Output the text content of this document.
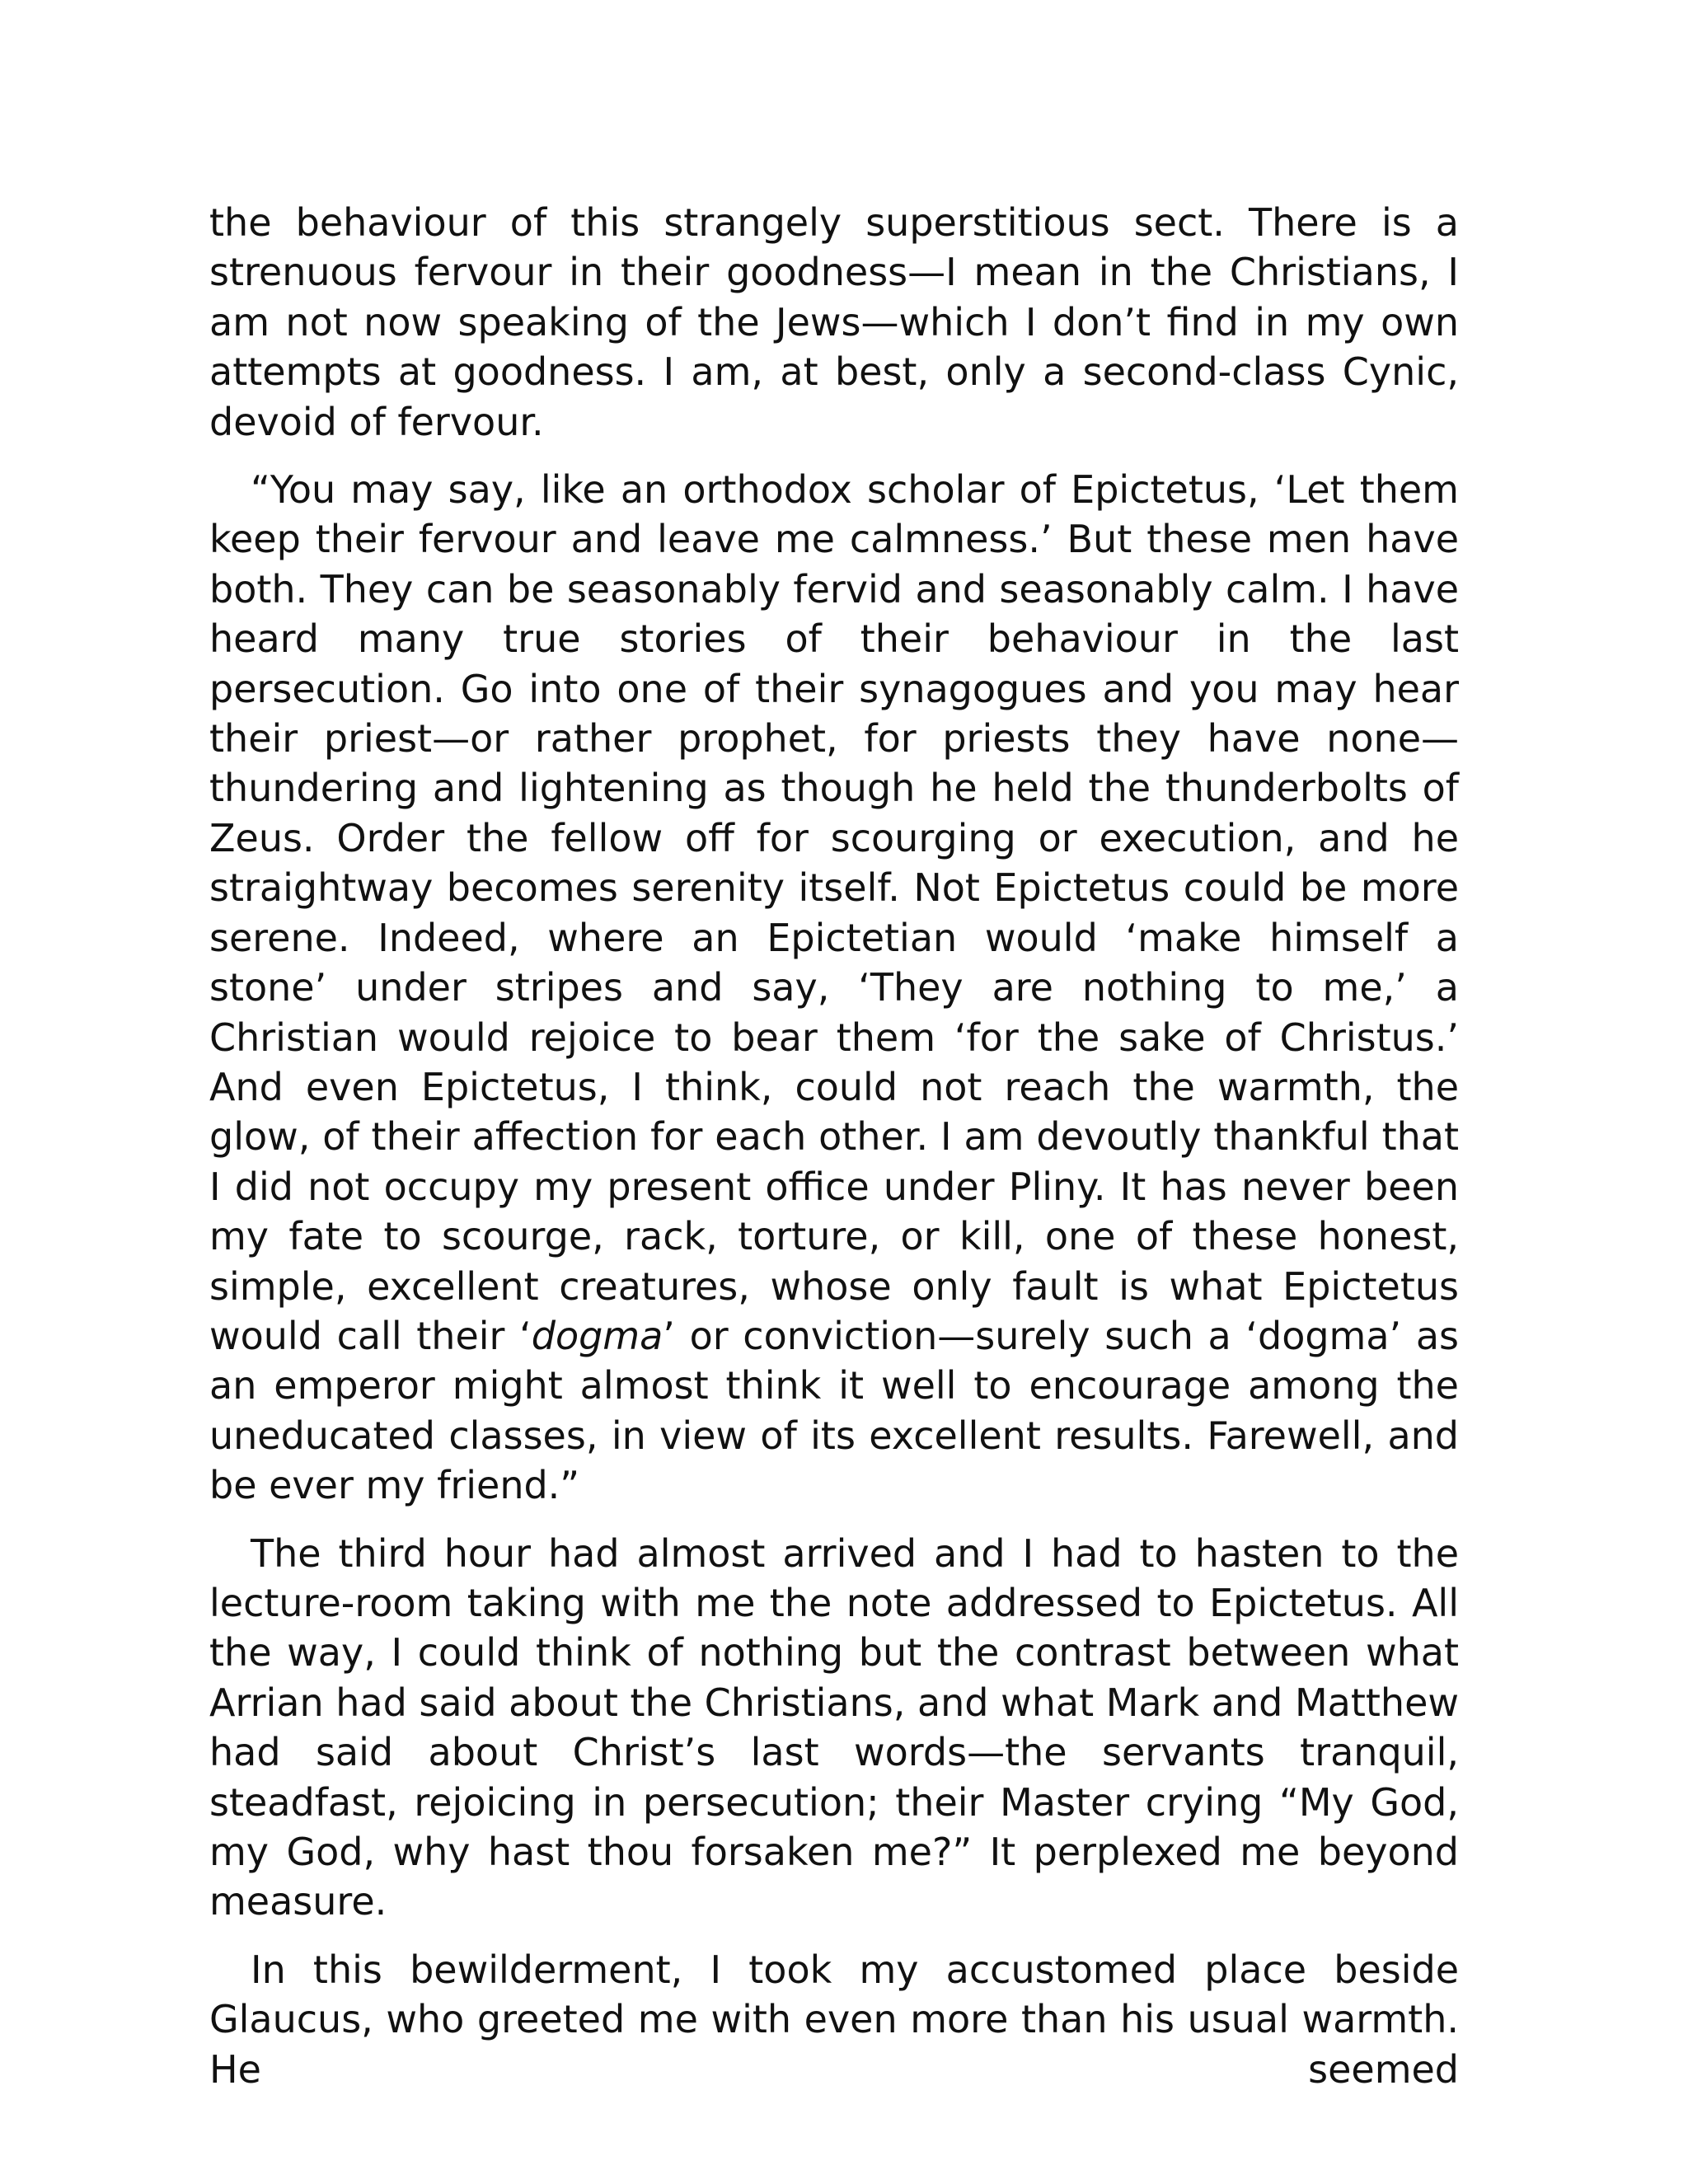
the behaviour of this strangely superstitious sect. There is a strenuous fervour in their goodness—I mean in the Christians, I am not now speaking of the Jews—which I don’t find in my own attempts at goodness. I am, at best, only a second-class Cynic, devoid of fervour.

“You may say, like an orthodox scholar of Epictetus, ‘Let them keep their fervour and leave me calmness.’ But these men have both. They can be seasonably fervid and seasonably calm. I have heard many true stories of their behaviour in the last persecution. Go into one of their synagogues and you may hear their priest—or rather prophet, for priests they have none—thundering and lightening as though he held the thunderbolts of Zeus. Order the fellow off for scourging or execution, and he straightway becomes serenity itself. Not Epictetus could be more serene. Indeed, where an Epictetian would ‘make himself a stone’ under stripes and say, ‘They are nothing to me,’ a Christian would rejoice to bear them ‘for the sake of Christus.’ And even Epictetus, I think, could not reach the warmth, the glow, of their affection for each other. I am devoutly thankful that I did not occupy my present office under Pliny. It has never been my fate to scourge, rack, torture, or kill, one of these honest, simple, excellent creatures, whose only fault is what Epictetus would call their ‘dogma’ or conviction—surely such a ‘dogma’ as an emperor might almost think it well to encourage among the uneducated classes, in view of its excellent results. Farewell, and be ever my friend.”

The third hour had almost arrived and I had to hasten to the lecture-room taking with me the note addressed to Epictetus. All the way, I could think of nothing but the contrast between what Arrian had said about the Christians, and what Mark and Matthew had said about Christ’s last words—the servants tranquil, steadfast, rejoicing in persecution; their Master crying “My God, my God, why hast thou forsaken me?” It perplexed me beyond measure.

In this bewilderment, I took my accustomed place beside Glaucus, who greeted me with even more than his usual warmth. He seemed
